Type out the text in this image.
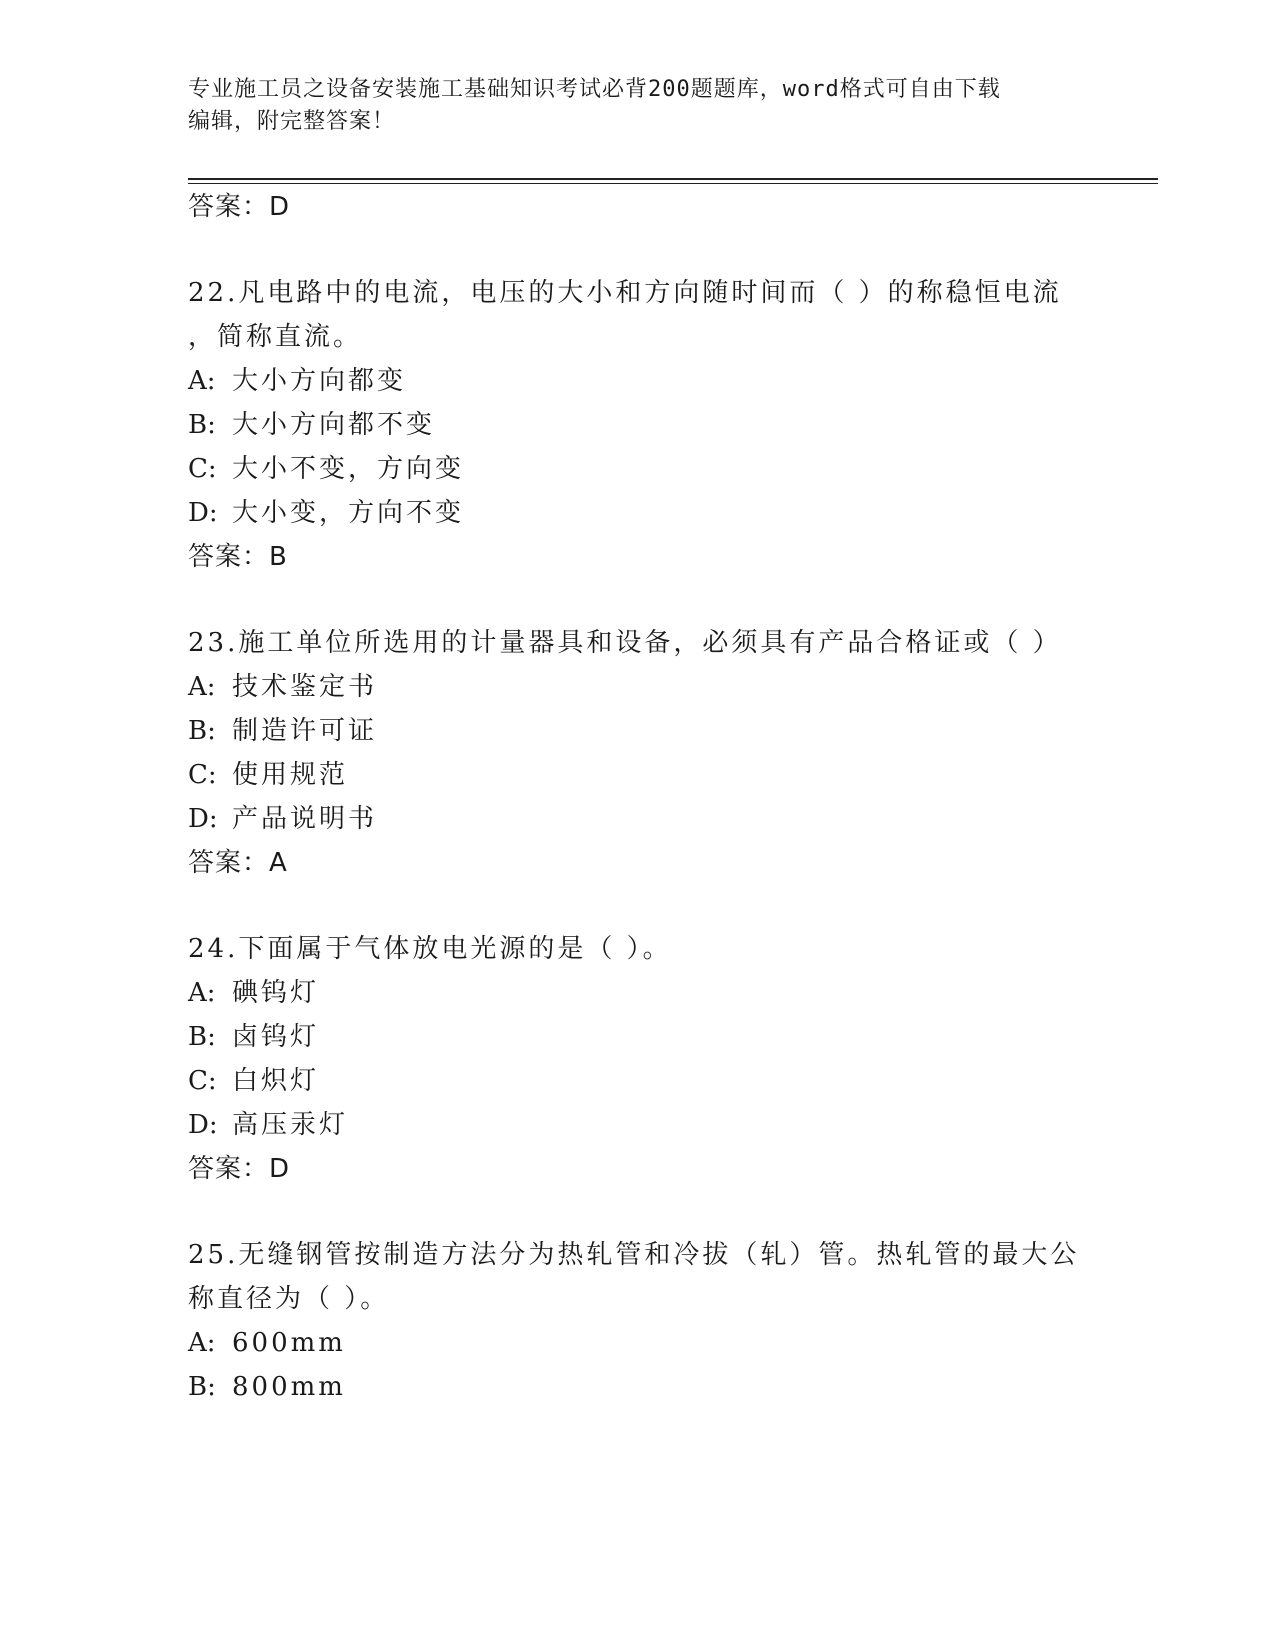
专业施工员之设备安装施工基础知识考试必背200题题库，word格式可自由下载
编辑，附完整答案！
答案：D
22.凡电路中的电流，电压的大小和方向随时间而（ ）的称稳恒电流
，简称直流。
A: 大小方向都变
B: 大小方向都不变
C: 大小不变，方向变
D: 大小变，方向不变
答案：B
23.施工单位所选用的计量器具和设备，必须具有产品合格证或（ ）
A: 技术鉴定书
B: 制造许可证
C: 使用规范
D: 产品说明书
答案：A
24.下面属于气体放电光源的是（ ）。
A: 碘钨灯
B: 卤钨灯
C: 白炽灯
D: 高压汞灯
答案：D
25.无缝钢管按制造方法分为热轧管和冷拔（轧）管。热轧管的最大公
称直径为（ ）。
A: 600mm
B: 800mm
